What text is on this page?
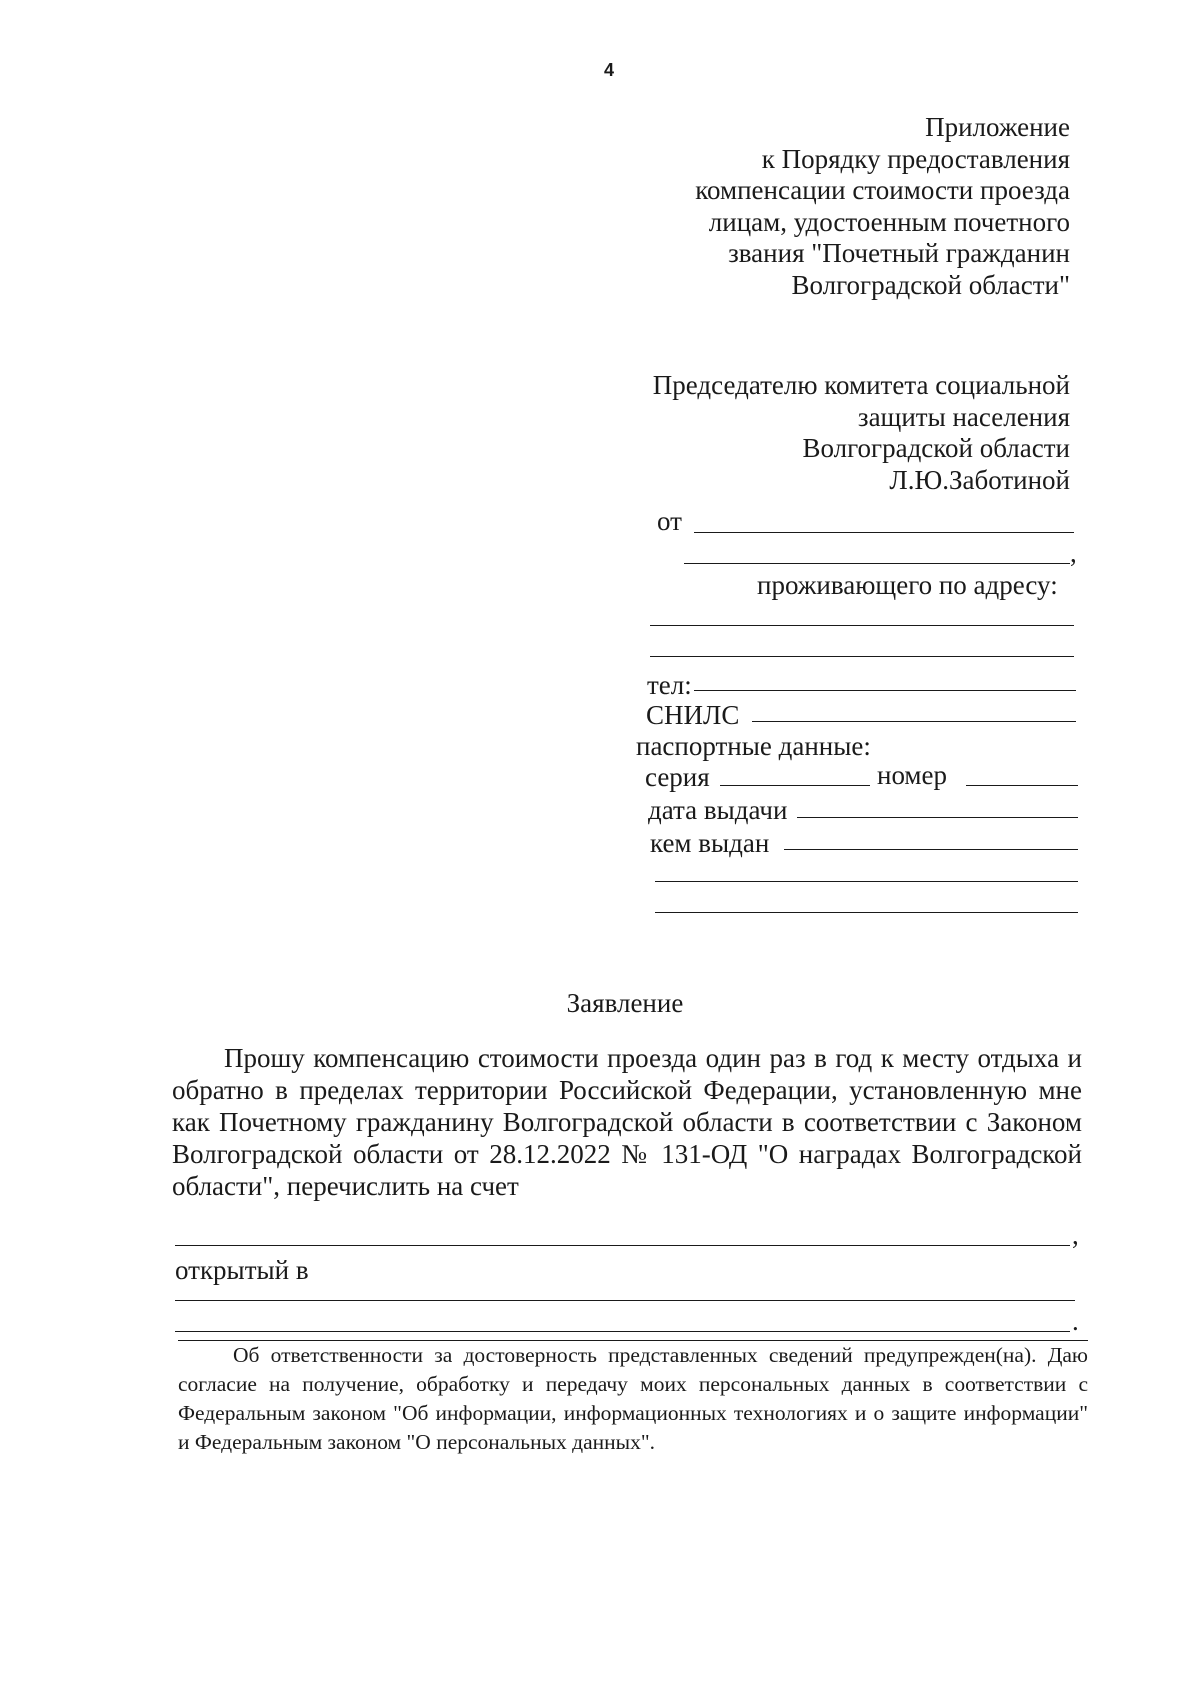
4
Приложение
к Порядку предоставления
компенсации стоимости проезда
лицам, удостоенным почетного
звания "Почетный гражданин
Волгоградской области"
Председателю комитета социальной
защиты населения
Волгоградской области
Л.Ю.Заботиной
от
,
проживающего по адресу:
тел:
СНИЛС
паспортные данные:
серия	номер
дата выдачи
кем выдан
Заявление
Прошу компенсацию стоимости проезда один раз в год к месту отдыха и обратно в пределах территории Российской Федерации, установленную мне как Почетному гражданину Волгоградской области в соответствии с Законом Волгоградской области от 28.12.2022 № 131-ОД "О наградах Волгоградской области", перечислить на счет
,
открытый в
.
Об ответственности за достоверность представленных сведений предупрежден(на). Даю согласие на получение, обработку и передачу моих персональных данных в соответствии с Федеральным законом "Об информации, информационных технологиях и о защите информации" и Федеральным законом "О персональных данных".
